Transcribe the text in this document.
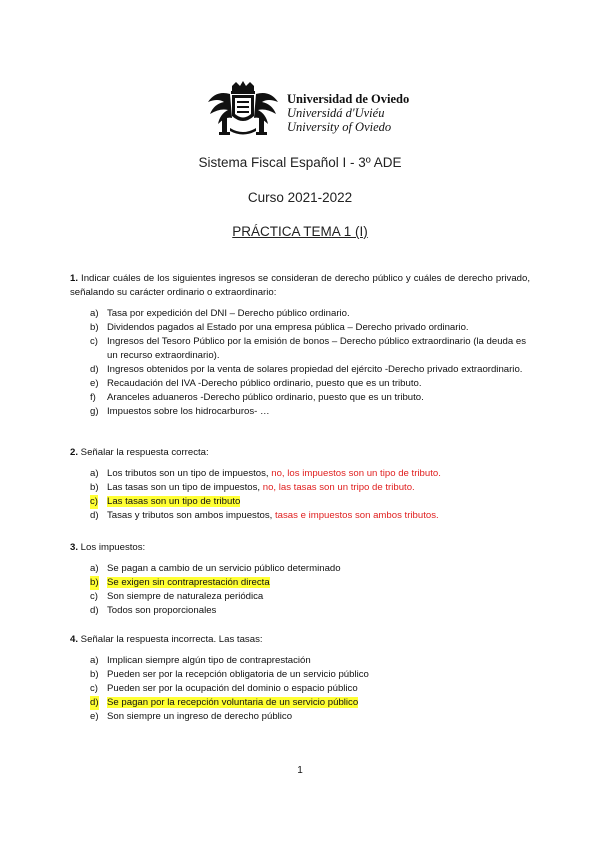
Universidad de Oviedo
Universidá d'Uviéu
University of Oviedo
Sistema Fiscal Español I - 3º ADE
Curso 2021-2022
PRÁCTICA TEMA 1 (I)

1. Indicar cuáles de los siguientes ingresos se consideran de derecho público y cuáles de derecho privado, señalando su carácter ordinario o extraordinario:

a) Tasa por expedición del DNI – Derecho público ordinario.
b) Dividendos pagados al Estado por una empresa pública – Derecho privado ordinario.
c) Ingresos del Tesoro Público por la emisión de bonos – Derecho público extraordinario (la deuda es un recurso extraordinario).
d) Ingresos obtenidos por la venta de solares propiedad del ejército -Derecho privado extraordinario.
e) Recaudación del IVA -Derecho público ordinario, puesto que es un tributo.
f) Aranceles aduaneros -Derecho público ordinario, puesto que es un tributo.
g) Impuestos sobre los hidrocarburos- …

2. Señalar la respuesta correcta:

a) Los tributos son un tipo de impuestos, no, los impuestos son un tipo de tributo.
b) Las tasas son un tipo de impuestos, no, las tasas son un tripo de tributo.
c) Las tasas son un tipo de tributo
d) Tasas y tributos son ambos impuestos, tasas e impuestos son ambos tributos.

3. Los impuestos:

a) Se pagan a cambio de un servicio público determinado
b) Se exigen sin contraprestación directa
c) Son siempre de naturaleza periódica
d) Todos son proporcionales

4. Señalar la respuesta incorrecta. Las tasas:

a) Implican siempre algún tipo de contraprestación
b) Pueden ser por la recepción obligatoria de un servicio público
c) Pueden ser por la ocupación del dominio o espacio público
d) Se pagan por la recepción voluntaria de un servicio público
e) Son siempre un ingreso de derecho público
1
